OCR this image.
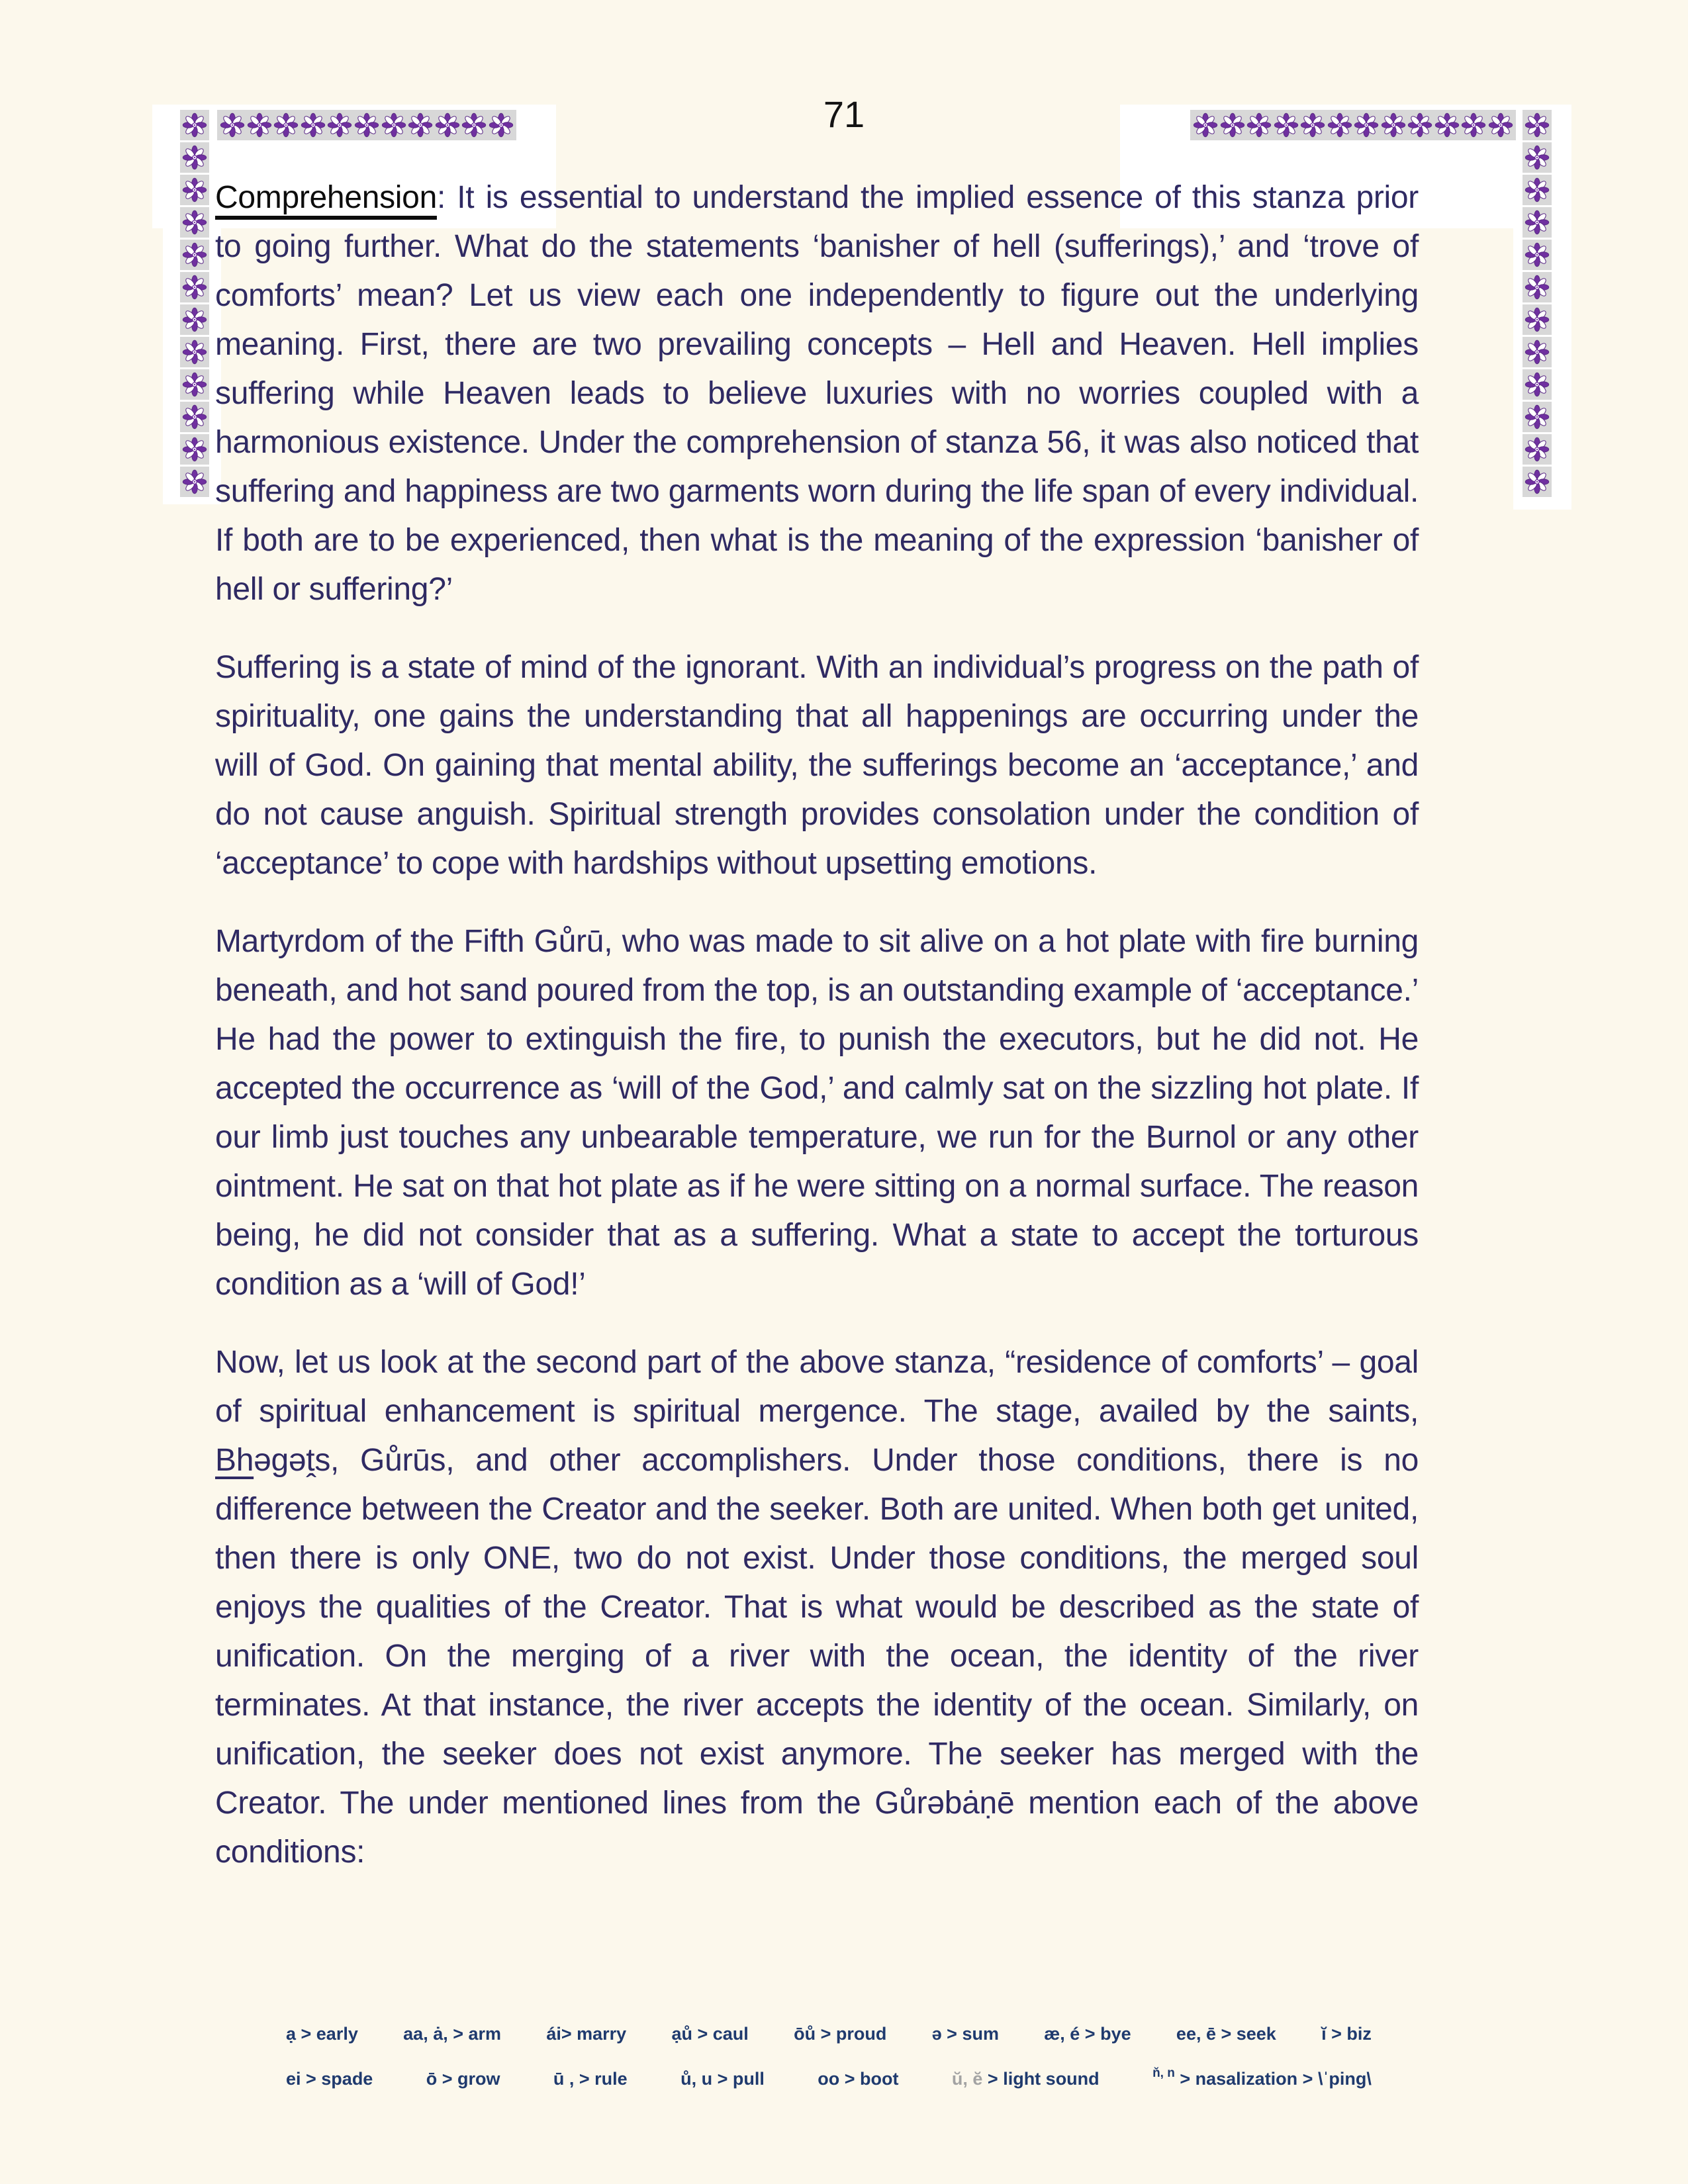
71

Comprehension: It is essential to understand the implied essence of this stanza prior to going further. What do the statements ‘banisher of hell (sufferings),’ and ‘trove of comforts’ mean? Let us view each one independently to figure out the underlying meaning. First, there are two prevailing concepts – Hell and Heaven. Hell implies suffering while Heaven leads to believe luxuries with no worries coupled with a harmonious existence. Under the comprehension of stanza 56, it was also noticed that suffering and happiness are two garments worn during the life span of every individual. If both are to be experienced, then what is the meaning of the expression ‘banisher of hell or suffering?’

Suffering is a state of mind of the ignorant. With an individual’s progress on the path of spirituality, one gains the understanding that all happenings are occurring under the will of God. On gaining that mental ability, the sufferings become an ‘acceptance,’ and do not cause anguish. Spiritual strength provides consolation under the condition of ‘acceptance’ to cope with hardships without upsetting emotions.

Martyrdom of the Fifth Gůrū, who was made to sit alive on a hot plate with fire burning beneath, and hot sand poured from the top, is an outstanding example of ‘acceptance.’ He had the power to extinguish the fire, to punish the executors, but he did not. He accepted the occurrence as ‘will of the God,’ and calmly sat on the sizzling hot plate. If our limb just touches any unbearable temperature, we run for the Burnol or any other ointment. He sat on that hot plate as if he were sitting on a normal surface. The reason being, he did not consider that as a suffering. What a state to accept the torturous condition as a ‘will of God!’

Now, let us look at the second part of the above stanza, “residence of comforts’ – goal of spiritual enhancement is spiritual mergence. The stage, availed by the saints, Bhəgəṱs, Gůrūs, and other accomplishers. Under those conditions, there is no difference between the Creator and the seeker. Both are united. When both get united, then there is only ONE, two do not exist. Under those conditions, the merged soul enjoys the qualities of the Creator. That is what would be described as the state of unification. On the merging of a river with the ocean, the identity of the river terminates. At that instance, the river accepts the identity of the ocean. Similarly, on unification, the seeker does not exist anymore. The seeker has merged with the Creator. The under mentioned lines from the Gůrəbȧṇē mention each of the above conditions:

ạ > early	aa, ȧ, > arm	ái> marry	ạů > caul	ōů > proud	ə > sum	æ, é > bye	ee, ē > seek	ĭ > biz
ei > spade	ō > grow	ū , > rule	ů, u > pull	oo > boot	ŭ, ĕ > light sound	$^{ň, n}$ > nasalization > \ˈping\
